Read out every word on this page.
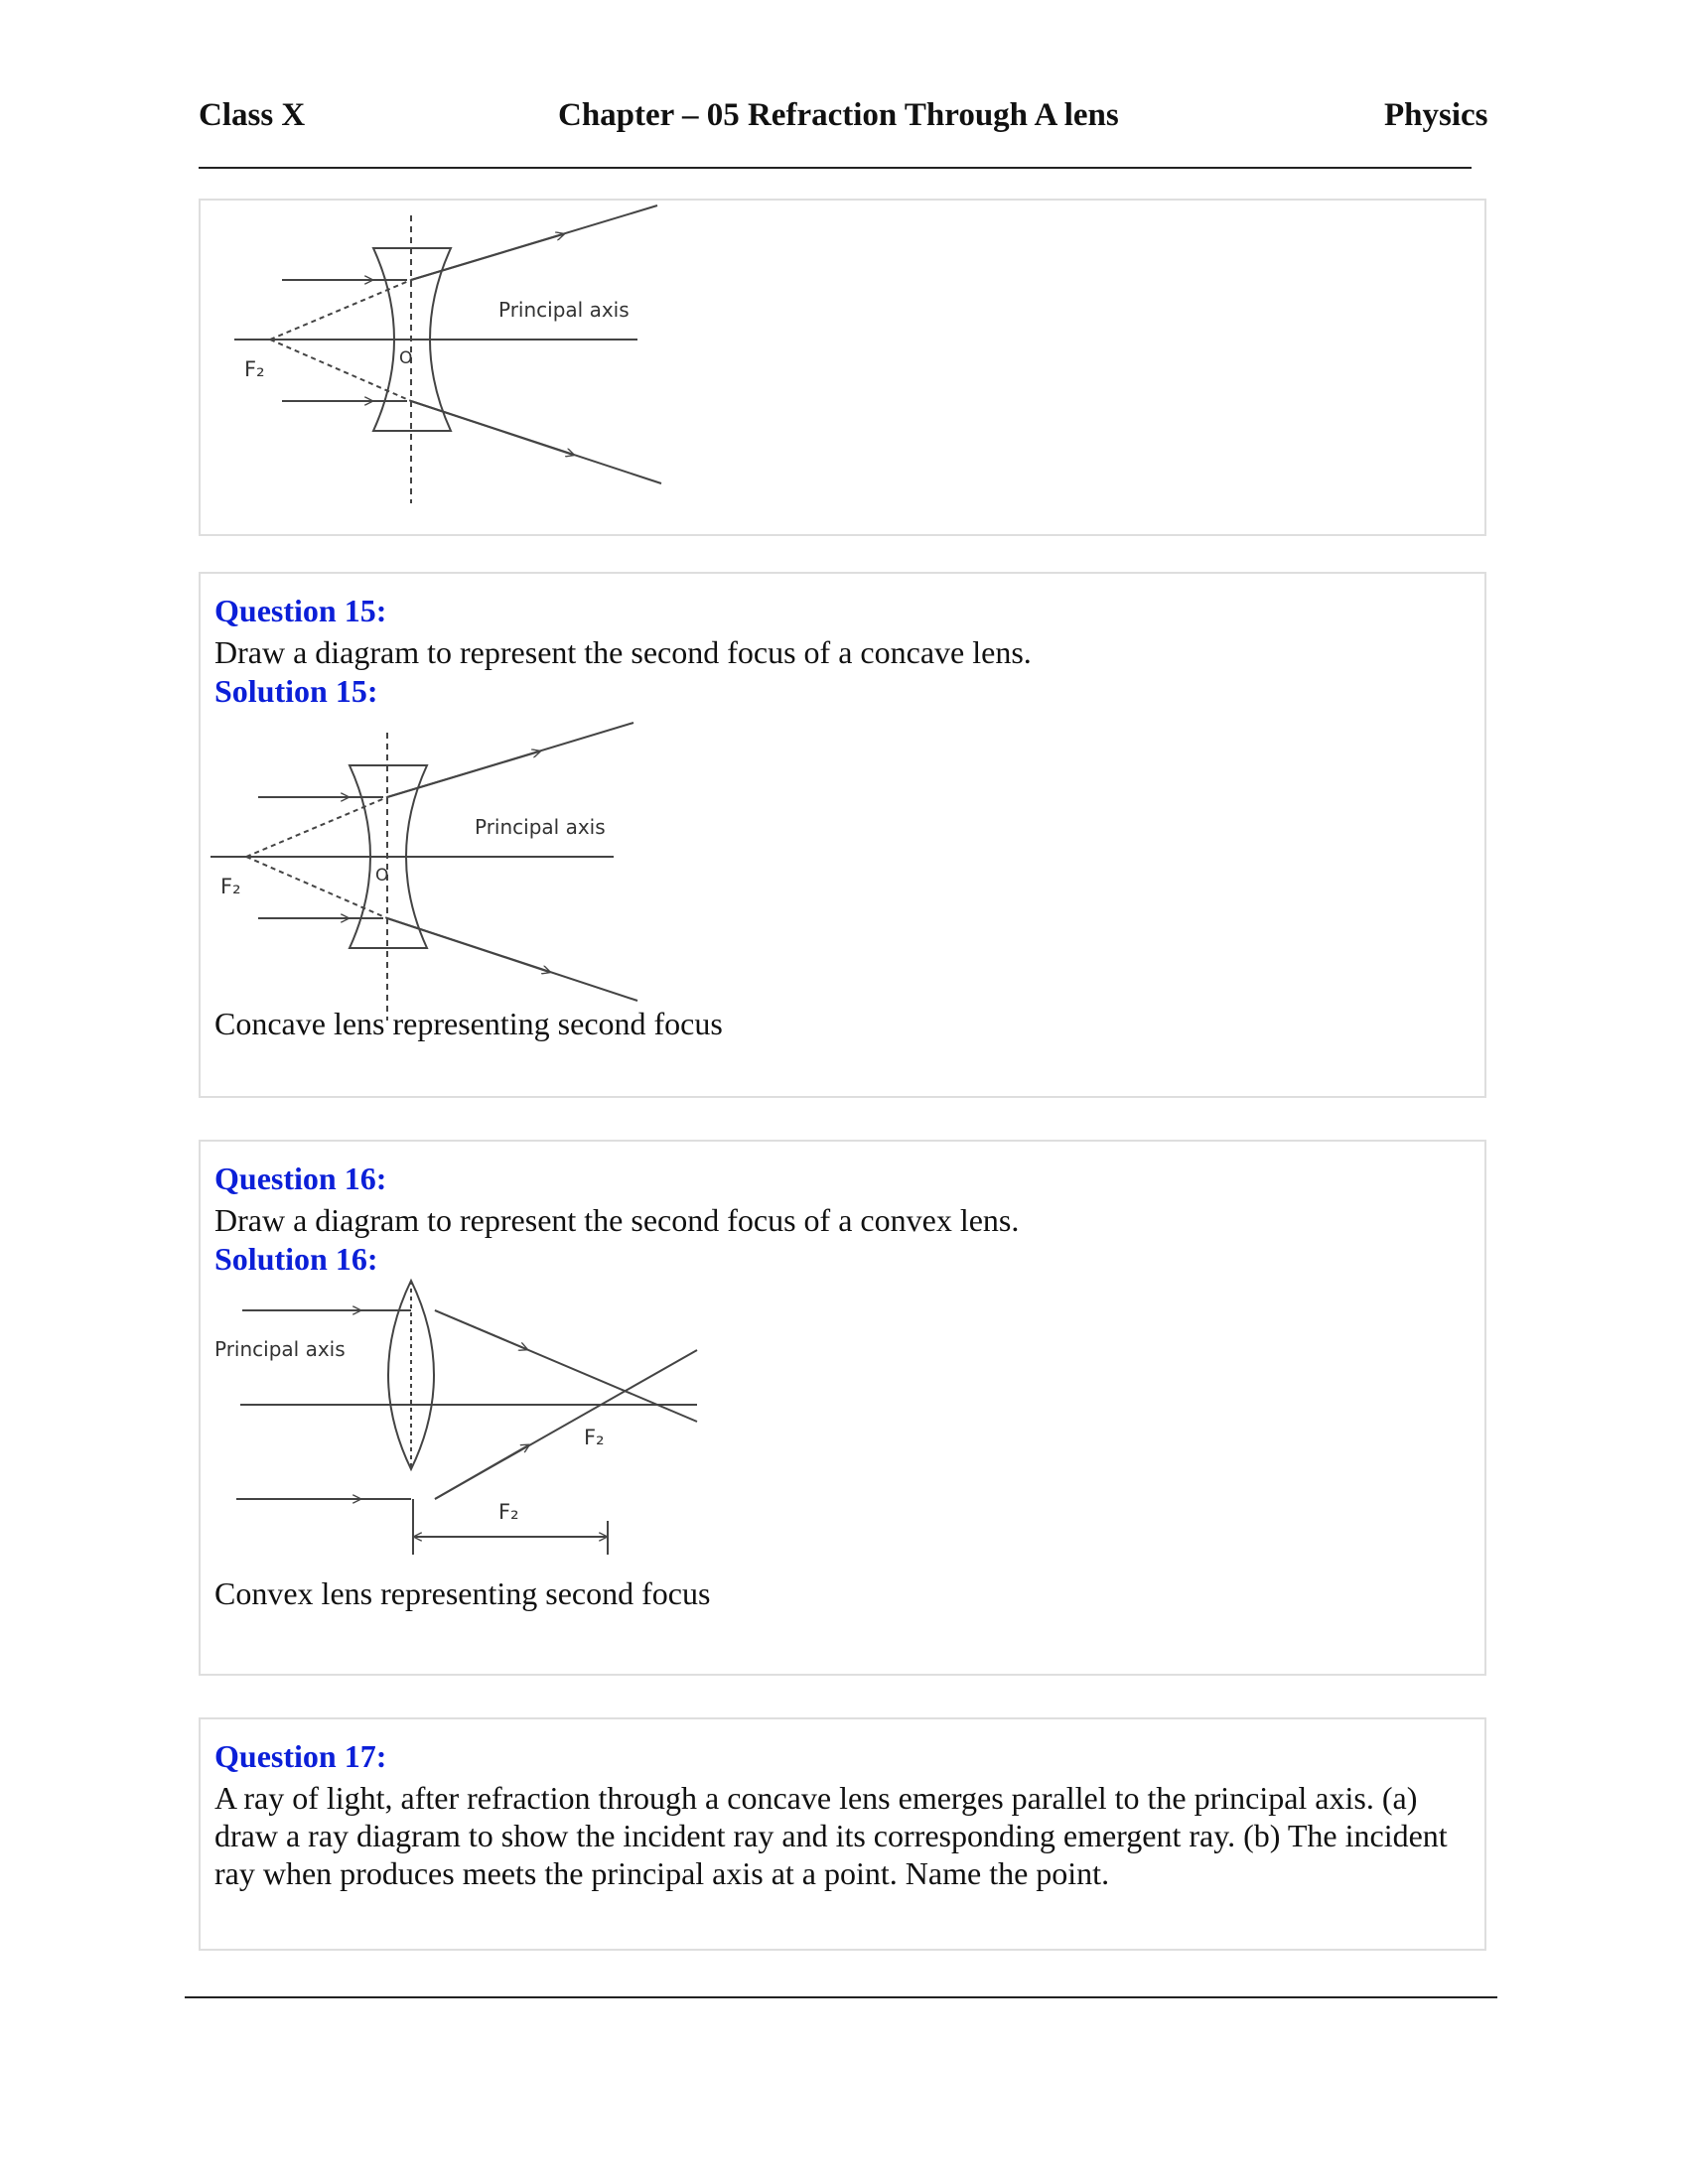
Class X	Chapter – 05 Refraction Through A lens	Physics
Principal axis
F₂	O
Question 15:
Draw a diagram to represent the second focus of a concave lens.
Solution 15:
Principal axis
F₂	O
Concave lens representing second focus
Question 16:
Draw a diagram to represent the second focus of a convex lens.
Solution 16:
Principal axis
F₂
F₂
Convex lens representing second focus
Question 17:
A ray of light, after refraction through a concave lens emerges parallel to the principal axis. (a)
draw a ray diagram to show the incident ray and its corresponding emergent ray. (b) The incident
ray when produces meets the principal axis at a point. Name the point.
